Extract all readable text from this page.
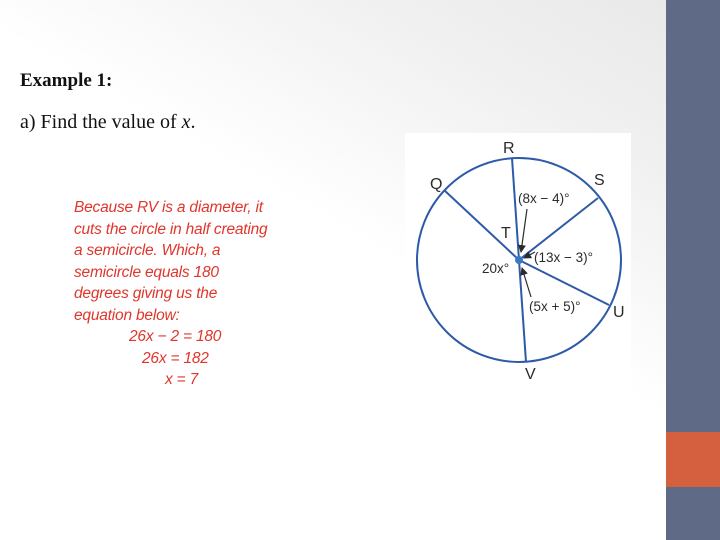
Example 1:
a) Find the value of x.
Because RV is a diameter, it
cuts the circle in half creating
a semicircle. Which, a
semicircle equals 180
degrees giving us the
equation below:
26x − 2 = 180
26x = 182
x = 7
R
S
Q
T
U
V
(8x − 4)°
(13x − 3)°
(5x + 5)°
20x°
